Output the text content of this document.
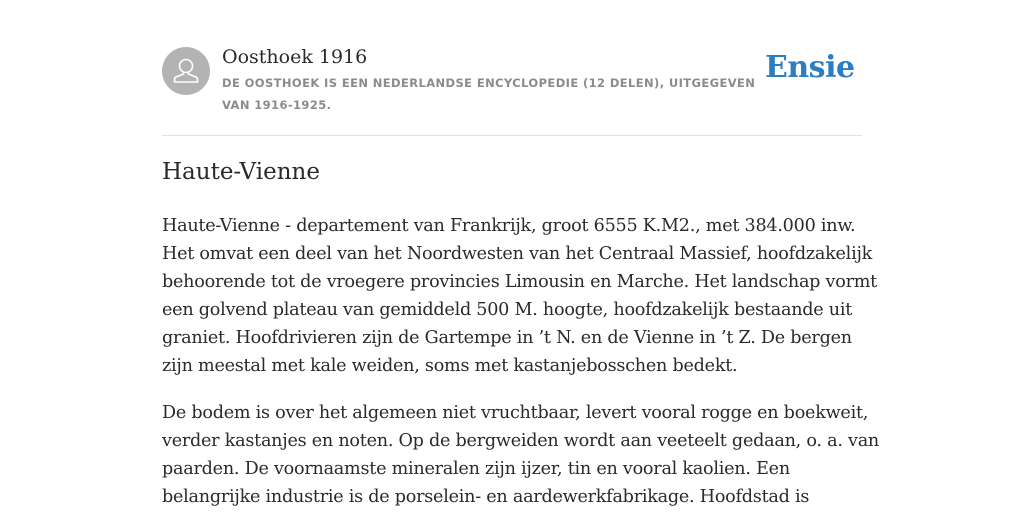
Oosthoek 1916
DE OOSTHOEK IS EEN NEDERLANDSE ENCYCLOPEDIE (12 DELEN), UITGEGEVEN
VAN 1916-1925.
Ensie
Haute-Vienne

Haute-Vienne - departement van Frankrijk, groot 6555 K.M2., met 384.000 inw.
Het omvat een deel van het Noordwesten van het Centraal Massief, hoofdzakelijk
behoorende tot de vroegere provincies Limousin en Marche. Het landschap vormt
een golvend plateau van gemiddeld 500 M. hoogte, hoofdzakelijk bestaande uit
graniet. Hoofdrivieren zijn de Gartempe in ’t N. en de Vienne in ’t Z. De bergen
zijn meestal met kale weiden, soms met kastanjebosschen bedekt.

De bodem is over het algemeen niet vruchtbaar, levert vooral rogge en boekweit,
verder kastanjes en noten. Op de bergweiden wordt aan veeteelt gedaan, o. a. van
paarden. De voornaamste mineralen zijn ijzer, tin en vooral kaolien. Een
belangrijke industrie is de porselein- en aardewerkfabrikage. Hoofdstad is
